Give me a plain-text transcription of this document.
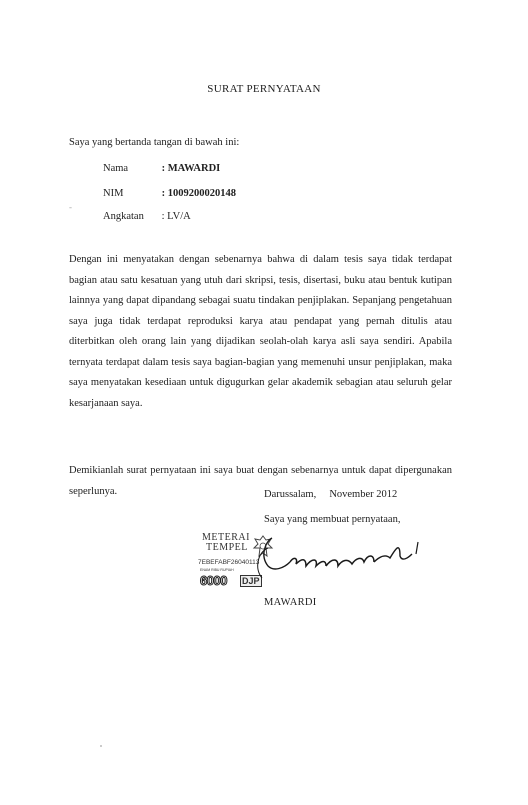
SURAT PERNYATAAN
Saya yang bertanda tangan di bawah ini:
Nama	: MAWARDI
NIM	: 1009200020148
Angkatan : LV/A
-

Dengan ini menyatakan dengan sebenarnya bahwa di dalam tesis saya tidak terdapat bagian atau satu kesatuan yang utuh dari skripsi, tesis, disertasi, buku atau bentuk kutipan lainnya yang dapat dipandang sebagai suatu tindakan penjiplakan. Sepanjang pengetahuan saya juga tidak terdapat reproduksi karya atau pendapat yang pernah ditulis atau diterbitkan oleh orang lain yang dijadikan seolah-olah karya asli saya sendiri. Apabila ternyata terdapat dalam tesis saya bagian-bagian yang memenuhi unsur penjiplakan, maka saya menyatakan kesediaan untuk digugurkan gelar akademik sebagian atau seluruh gelar kesarjanaan saya.

Demikianlah surat pernyataan ini saya buat dengan sebenarnya untuk dapat dipergunakan seperlunya.	Darussalam,     November 2012
Saya yang membuat pernyataan,
METERAI
TEMPEL
7EBEFABF26040113
ENAM RIBU RUPIAH
6000 DJP
MAWARDI
